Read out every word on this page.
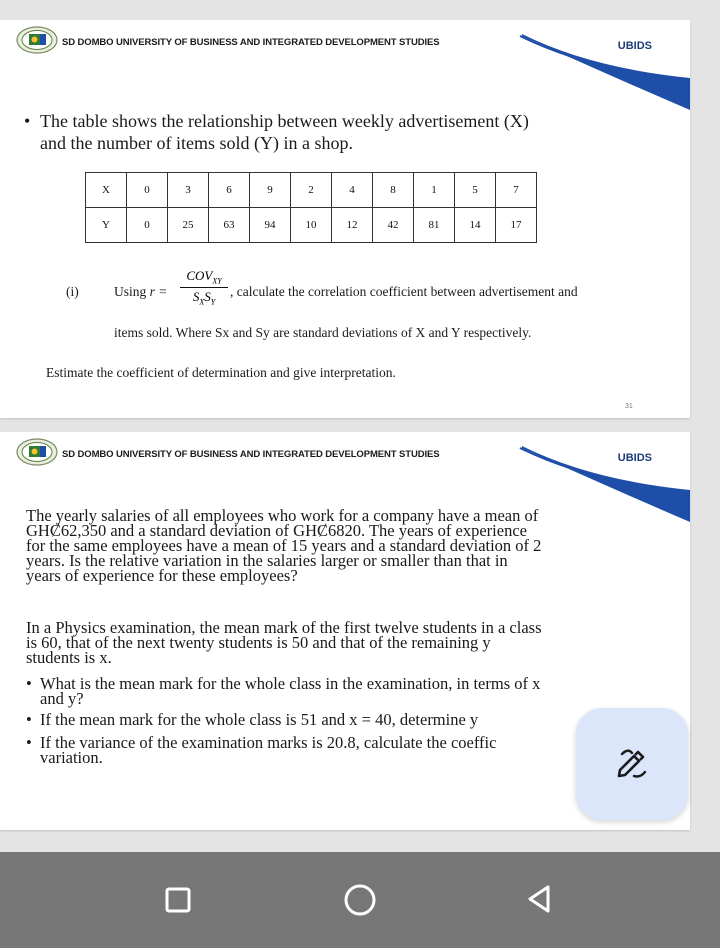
SD DOMBO UNIVERSITY OF BUSINESS AND INTEGRATED DEVELOPMENT STUDIES	UBIDS
• The table shows the relationship between weekly advertisement (X)
and the number of items sold (Y) in a shop.
X	0	3	6	9	2	4	8	1	5	7
Y	0	25	63	94	10	12	42	81	14	17
(i)	Using r =
$COV_{XY}$
$S_XS_Y$
, calculate the correlation coefficient between advertisement and
items sold. Where Sx and Sy are standard deviations of X and Y respectively.
Estimate the coefficient of determination and give interpretation.
31
SD DOMBO UNIVERSITY OF BUSINESS AND INTEGRATED DEVELOPMENT STUDIES	UBIDS
The yearly salaries of all employees who work for a company have a mean of
GHȻ62,350 and a standard deviation of GHȻ6820. The years of experience
for the same employees have a mean of 15 years and a standard deviation of 2
years. Is the relative variation in the salaries larger or smaller than that in
years of experience for these employees?
In a Physics examination, the mean mark of the first twelve students in a class
is 60, that of the next twenty students is 50 and that of the remaining y
students is x.
• What is the mean mark for the whole class in the examination, in terms of x
and y?
• If the mean mark for the whole class is 51 and x = 40, determine y
• If the variance of the examination marks is 20.8, calculate the coeffic
variation.
